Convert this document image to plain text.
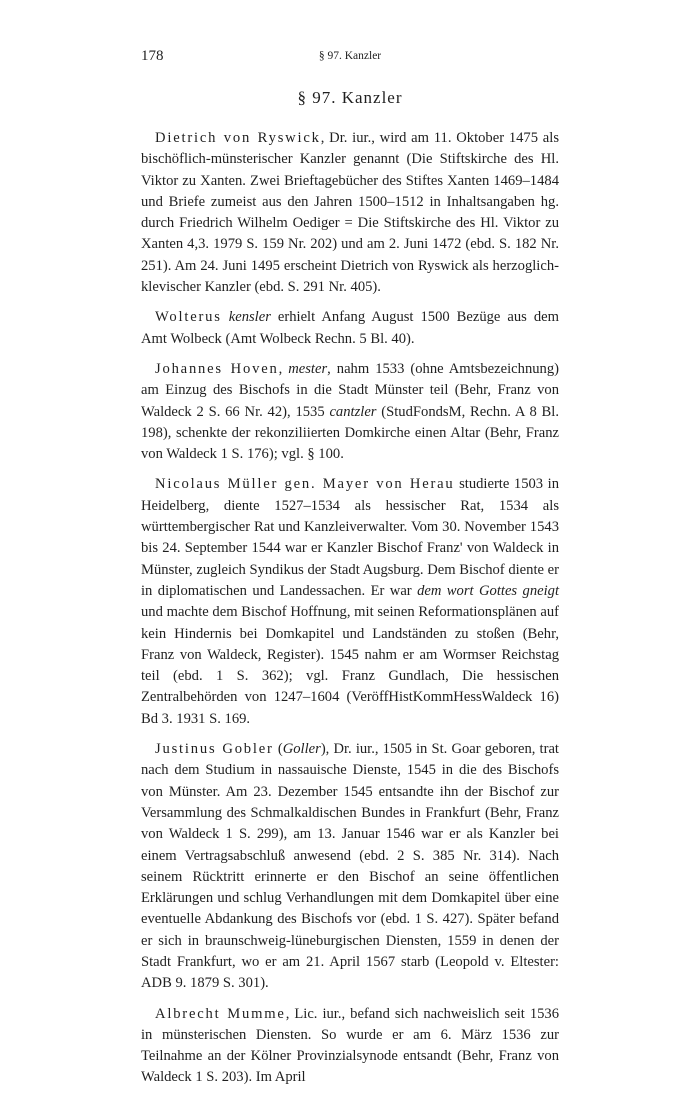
178	§ 97. Kanzler
§ 97. Kanzler

Dietrich von Ryswick, Dr. iur., wird am 11. Oktober 1475 als bischöflich-münsterischer Kanzler genannt (Die Stiftskirche des Hl. Viktor zu Xanten. Zwei Brieftagebücher des Stiftes Xanten 1469–1484 und Briefe zumeist aus den Jahren 1500–1512 in Inhaltsangaben hg. durch Friedrich Wilhelm Oediger = Die Stiftskirche des Hl. Viktor zu Xanten 4,3. 1979 S. 159 Nr. 202) und am 2. Juni 1472 (ebd. S. 182 Nr. 251). Am 24. Juni 1495 erscheint Dietrich von Ryswick als herzoglich-klevischer Kanzler (ebd. S. 291 Nr. 405).

Wolterus kensler erhielt Anfang August 1500 Bezüge aus dem Amt Wolbeck (Amt Wolbeck Rechn. 5 Bl. 40).

Johannes Hoven, mester, nahm 1533 (ohne Amtsbezeichnung) am Einzug des Bischofs in die Stadt Münster teil (Behr, Franz von Waldeck 2 S. 66 Nr. 42), 1535 cantzler (StudFondsM, Rechn. A 8 Bl. 198), schenkte der rekonziliierten Domkirche einen Altar (Behr, Franz von Waldeck 1 S. 176); vgl. § 100.

Nicolaus Müller gen. Mayer von Herau studierte 1503 in Heidelberg, diente 1527–1534 als hessischer Rat, 1534 als württembergischer Rat und Kanzleiverwalter. Vom 30. November 1543 bis 24. September 1544 war er Kanzler Bischof Franz' von Waldeck in Münster, zugleich Syndikus der Stadt Augsburg. Dem Bischof diente er in diplomatischen und Landessachen. Er war dem wort Gottes gneigt und machte dem Bischof Hoffnung, mit seinen Reformationsplänen auf kein Hindernis bei Domkapitel und Landständen zu stoßen (Behr, Franz von Waldeck, Register). 1545 nahm er am Wormser Reichstag teil (ebd. 1 S. 362); vgl. Franz Gundlach, Die hessischen Zentralbehörden von 1247–1604 (VeröffHistKommHessWaldeck 16) Bd 3. 1931 S. 169.

Justinus Gobler (Goller), Dr. iur., 1505 in St. Goar geboren, trat nach dem Studium in nassauische Dienste, 1545 in die des Bischofs von Münster. Am 23. Dezember 1545 entsandte ihn der Bischof zur Versammlung des Schmalkaldischen Bundes in Frankfurt (Behr, Franz von Waldeck 1 S. 299), am 13. Januar 1546 war er als Kanzler bei einem Vertragsabschluß anwesend (ebd. 2 S. 385 Nr. 314). Nach seinem Rücktritt erinnerte er den Bischof an seine öffentlichen Erklärungen und schlug Verhandlungen mit dem Domkapitel über eine eventuelle Abdankung des Bischofs vor (ebd. 1 S. 427). Später befand er sich in braunschweig-lüneburgischen Diensten, 1559 in denen der Stadt Frankfurt, wo er am 21. April 1567 starb (Leopold v. Eltester: ADB 9. 1879 S. 301).

Albrecht Mumme, Lic. iur., befand sich nachweislich seit 1536 in münsterischen Diensten. So wurde er am 6. März 1536 zur Teilnahme an der Kölner Provinzialsynode entsandt (Behr, Franz von Waldeck 1 S. 203). Im April
